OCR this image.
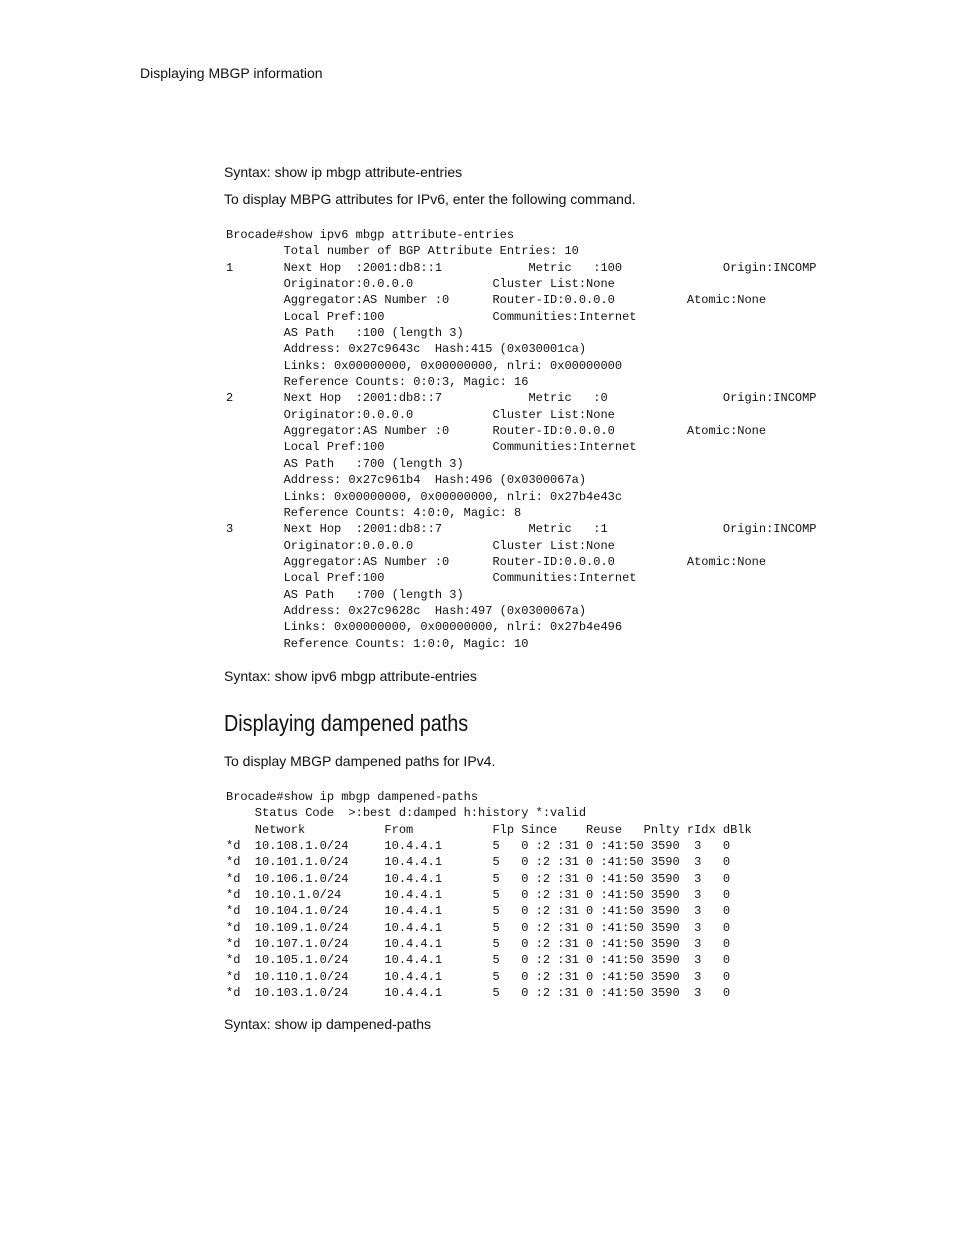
Displaying MBGP information
Syntax: show ip mbgp attribute-entries
To display MBPG attributes for IPv6, enter the following command.
Brocade#show ipv6 mbgp attribute-entries
Total number of BGP Attribute Entries: 10
1       Next Hop  :2001:db8::1            Metric   :100              Origin:INCOMP
Originator:0.0.0.0           Cluster List:None
Aggregator:AS Number :0      Router-ID:0.0.0.0          Atomic:None
Local Pref:100               Communities:Internet
AS Path   :100 (length 3)
Address: 0x27c9643c  Hash:415 (0x030001ca)
Links: 0x00000000, 0x00000000, nlri: 0x00000000
Reference Counts: 0:0:3, Magic: 16
2       Next Hop  :2001:db8::7            Metric   :0                Origin:INCOMP
Originator:0.0.0.0           Cluster List:None
Aggregator:AS Number :0      Router-ID:0.0.0.0          Atomic:None
Local Pref:100               Communities:Internet
AS Path   :700 (length 3)
Address: 0x27c961b4  Hash:496 (0x0300067a)
Links: 0x00000000, 0x00000000, nlri: 0x27b4e43c
Reference Counts: 4:0:0, Magic: 8
3       Next Hop  :2001:db8::7            Metric   :1                Origin:INCOMP
Originator:0.0.0.0           Cluster List:None
Aggregator:AS Number :0      Router-ID:0.0.0.0          Atomic:None
Local Pref:100               Communities:Internet
AS Path   :700 (length 3)
Address: 0x27c9628c  Hash:497 (0x0300067a)
Links: 0x00000000, 0x00000000, nlri: 0x27b4e496
Reference Counts: 1:0:0, Magic: 10
Syntax: show ipv6 mbgp attribute-entries
Displaying dampened paths
To display MBGP dampened paths for IPv4.
Brocade#show ip mbgp dampened-paths
Status Code  >:best d:damped h:history *:valid
Network           From           Flp Since    Reuse   Pnlty rIdx dBlk
*d  10.108.1.0/24     10.4.4.1       5   0 :2 :31 0 :41:50 3590  3   0
*d  10.101.1.0/24     10.4.4.1       5   0 :2 :31 0 :41:50 3590  3   0
*d  10.106.1.0/24     10.4.4.1       5   0 :2 :31 0 :41:50 3590  3   0
*d  10.10.1.0/24      10.4.4.1       5   0 :2 :31 0 :41:50 3590  3   0
*d  10.104.1.0/24     10.4.4.1       5   0 :2 :31 0 :41:50 3590  3   0
*d  10.109.1.0/24     10.4.4.1       5   0 :2 :31 0 :41:50 3590  3   0
*d  10.107.1.0/24     10.4.4.1       5   0 :2 :31 0 :41:50 3590  3   0
*d  10.105.1.0/24     10.4.4.1       5   0 :2 :31 0 :41:50 3590  3   0
*d  10.110.1.0/24     10.4.4.1       5   0 :2 :31 0 :41:50 3590  3   0
*d  10.103.1.0/24     10.4.4.1       5   0 :2 :31 0 :41:50 3590  3   0
Syntax: show ip dampened-paths
